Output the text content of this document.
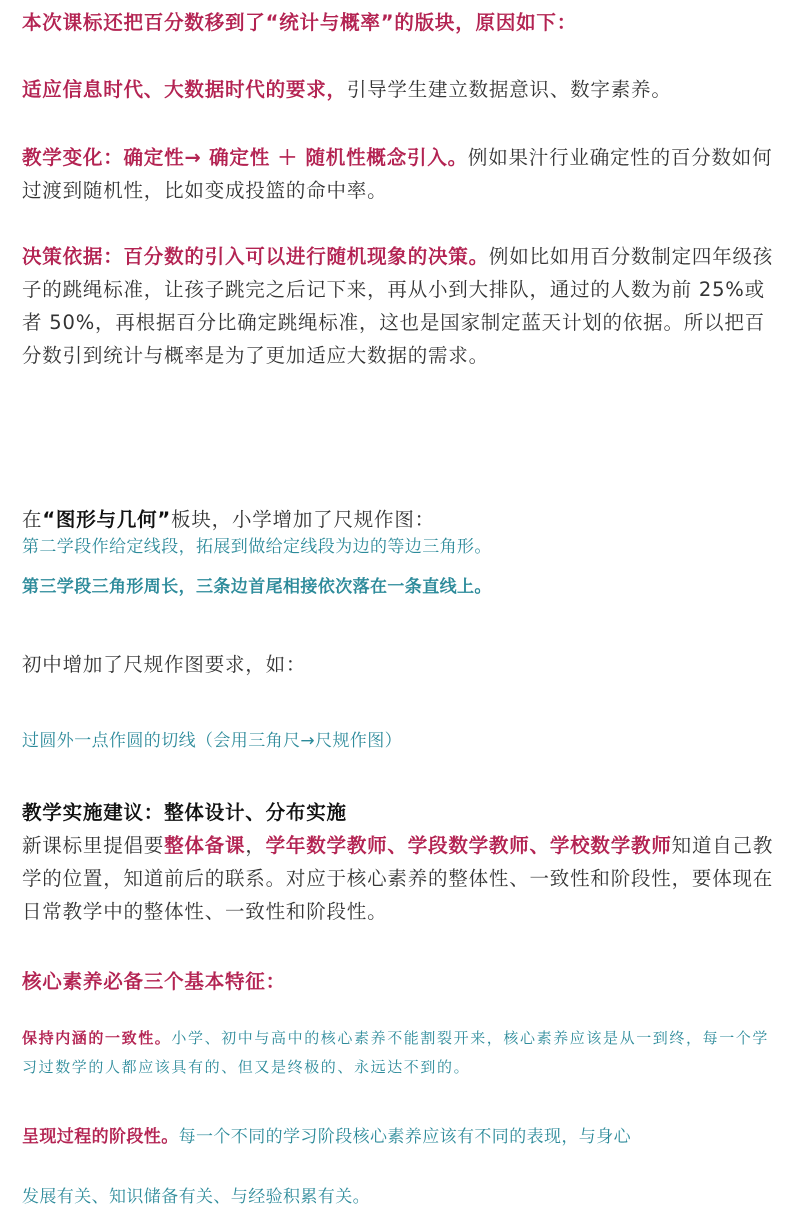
本次课标还把百分数移到了“统计与概率”的版块，原因如下：
适应信息时代、大数据时代的要求，引导学生建立数据意识、数字素养。
教学变化：确定性→ 确定性 ＋ 随机性概念引入。例如果汁行业确定性的百分数如何过渡到随机性，比如变成投篮的命中率。
决策依据：百分数的引入可以进行随机现象的决策。例如比如用百分数制定四年级孩子的跳绳标准，让孩子跳完之后记下来，再从小到大排队，通过的人数为前 25%或者 50%，再根据百分比确定跳绳标准，这也是国家制定蓝天计划的依据。所以把百分数引到统计与概率是为了更加适应大数据的需求。
在“图形与几何”板块，小学增加了尺规作图：
第二学段作给定线段，拓展到做给定线段为边的等边三角形。
第三学段三角形周长，三条边首尾相接依次落在一条直线上。
初中增加了尺规作图要求，如：
过圆外一点作圆的切线（会用三角尺→尺规作图）
教学实施建议：整体设计、分布实施
新课标里提倡要整体备课，学年数学教师、学段数学教师、学校数学教师知道自己教学的位置，知道前后的联系。对应于核心素养的整体性、一致性和阶段性，要体现在日常教学中的整体性、一致性和阶段性。
核心素养必备三个基本特征：
保持内涵的一致性。小学、初中与高中的核心素养不能割裂开来，核心素养应该是从一到终，每一个学习过数学的人都应该具有的、但又是终极的、永远达不到的。
呈现过程的阶段性。每一个不同的学习阶段核心素养应该有不同的表现，与身心
发展有关、知识储备有关、与经验积累有关。
